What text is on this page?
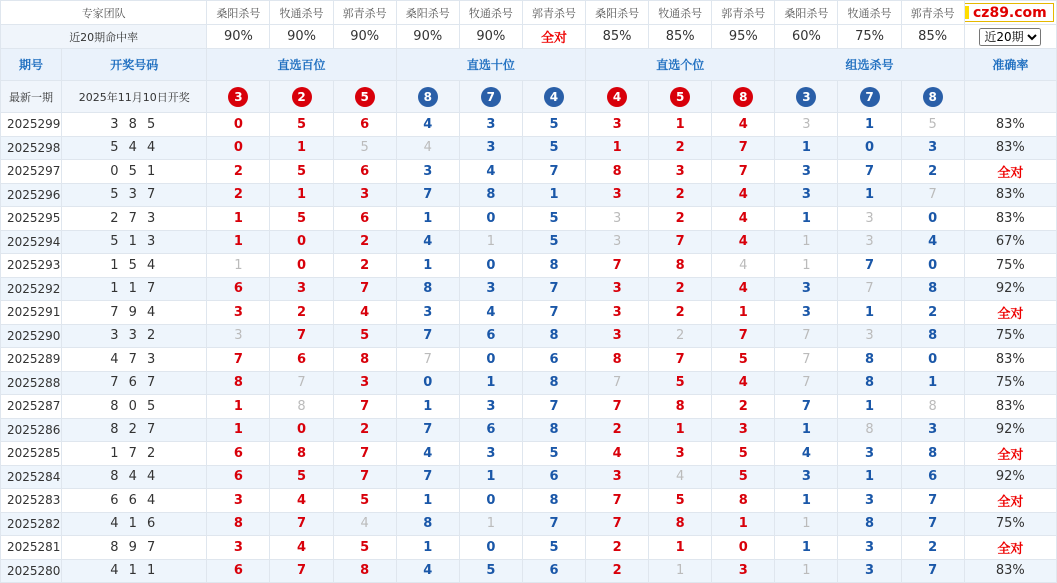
专家团队		桑阳杀号	牧通杀号	郭青杀号	桑阳杀号	牧通杀号	郭青杀号	桑阳杀号	牧通杀号	郭青杀号	桑阳杀号	牧通杀号	郭青杀号	cz89.com

近20期命中率		90%	90%	90%	90%	90%	全对	85%	85%	95%	60%	75%	85%	
近20期
期号	开奖号码	直选百位			直选十位			直选个位			组选杀号			准确率
最新一期	2025年11月10日开奖	3	2	5	8	7	4	4	5	8	3	7	8	
2025299	3 8 5	0	5	6	4	3	5	3	1	4	3	1	5	83%
2025298	5 4 4	0	1	5	4	3	5	1	2	7	1	0	3	83%
2025297	0 5 1	2	5	6	3	4	7	8	3	7	3	7	2	全对
2025296	5 3 7	2	1	3	7	8	1	3	2	4	3	1	7	83%
2025295	2 7 3	1	5	6	1	0	5	3	2	4	1	3	0	83%
2025294	5 1 3	1	0	2	4	1	5	3	7	4	1	3	4	67%
2025293	1 5 4	1	0	2	1	0	8	7	8	4	1	7	0	75%
2025292	1 1 7	6	3	7	8	3	7	3	2	4	3	7	8	92%
2025291	7 9 4	3	2	4	3	4	7	3	2	1	3	1	2	全对
2025290	3 3 2	3	7	5	7	6	8	3	2	7	7	3	8	75%
2025289	4 7 3	7	6	8	7	0	6	8	7	5	7	8	0	83%
2025288	7 6 7	8	7	3	0	1	8	7	5	4	7	8	1	75%
2025287	8 0 5	1	8	7	1	3	7	7	8	2	7	1	8	83%
2025286	8 2 7	1	0	2	7	6	8	2	1	3	1	8	3	92%
2025285	1 7 2	6	8	7	4	3	5	4	3	5	4	3	8	全对
2025284	8 4 4	6	5	7	7	1	6	3	4	5	3	1	6	92%
2025283	6 6 4	3	4	5	1	0	8	7	5	8	1	3	7	全对
2025282	4 1 6	8	7	4	8	1	7	7	8	1	1	8	7	75%
2025281	8 9 7	3	4	5	1	0	5	2	1	0	1	3	2	全对
2025280	4 1 1	6	7	8	4	5	6	2	1	3	1	3	7	83%
